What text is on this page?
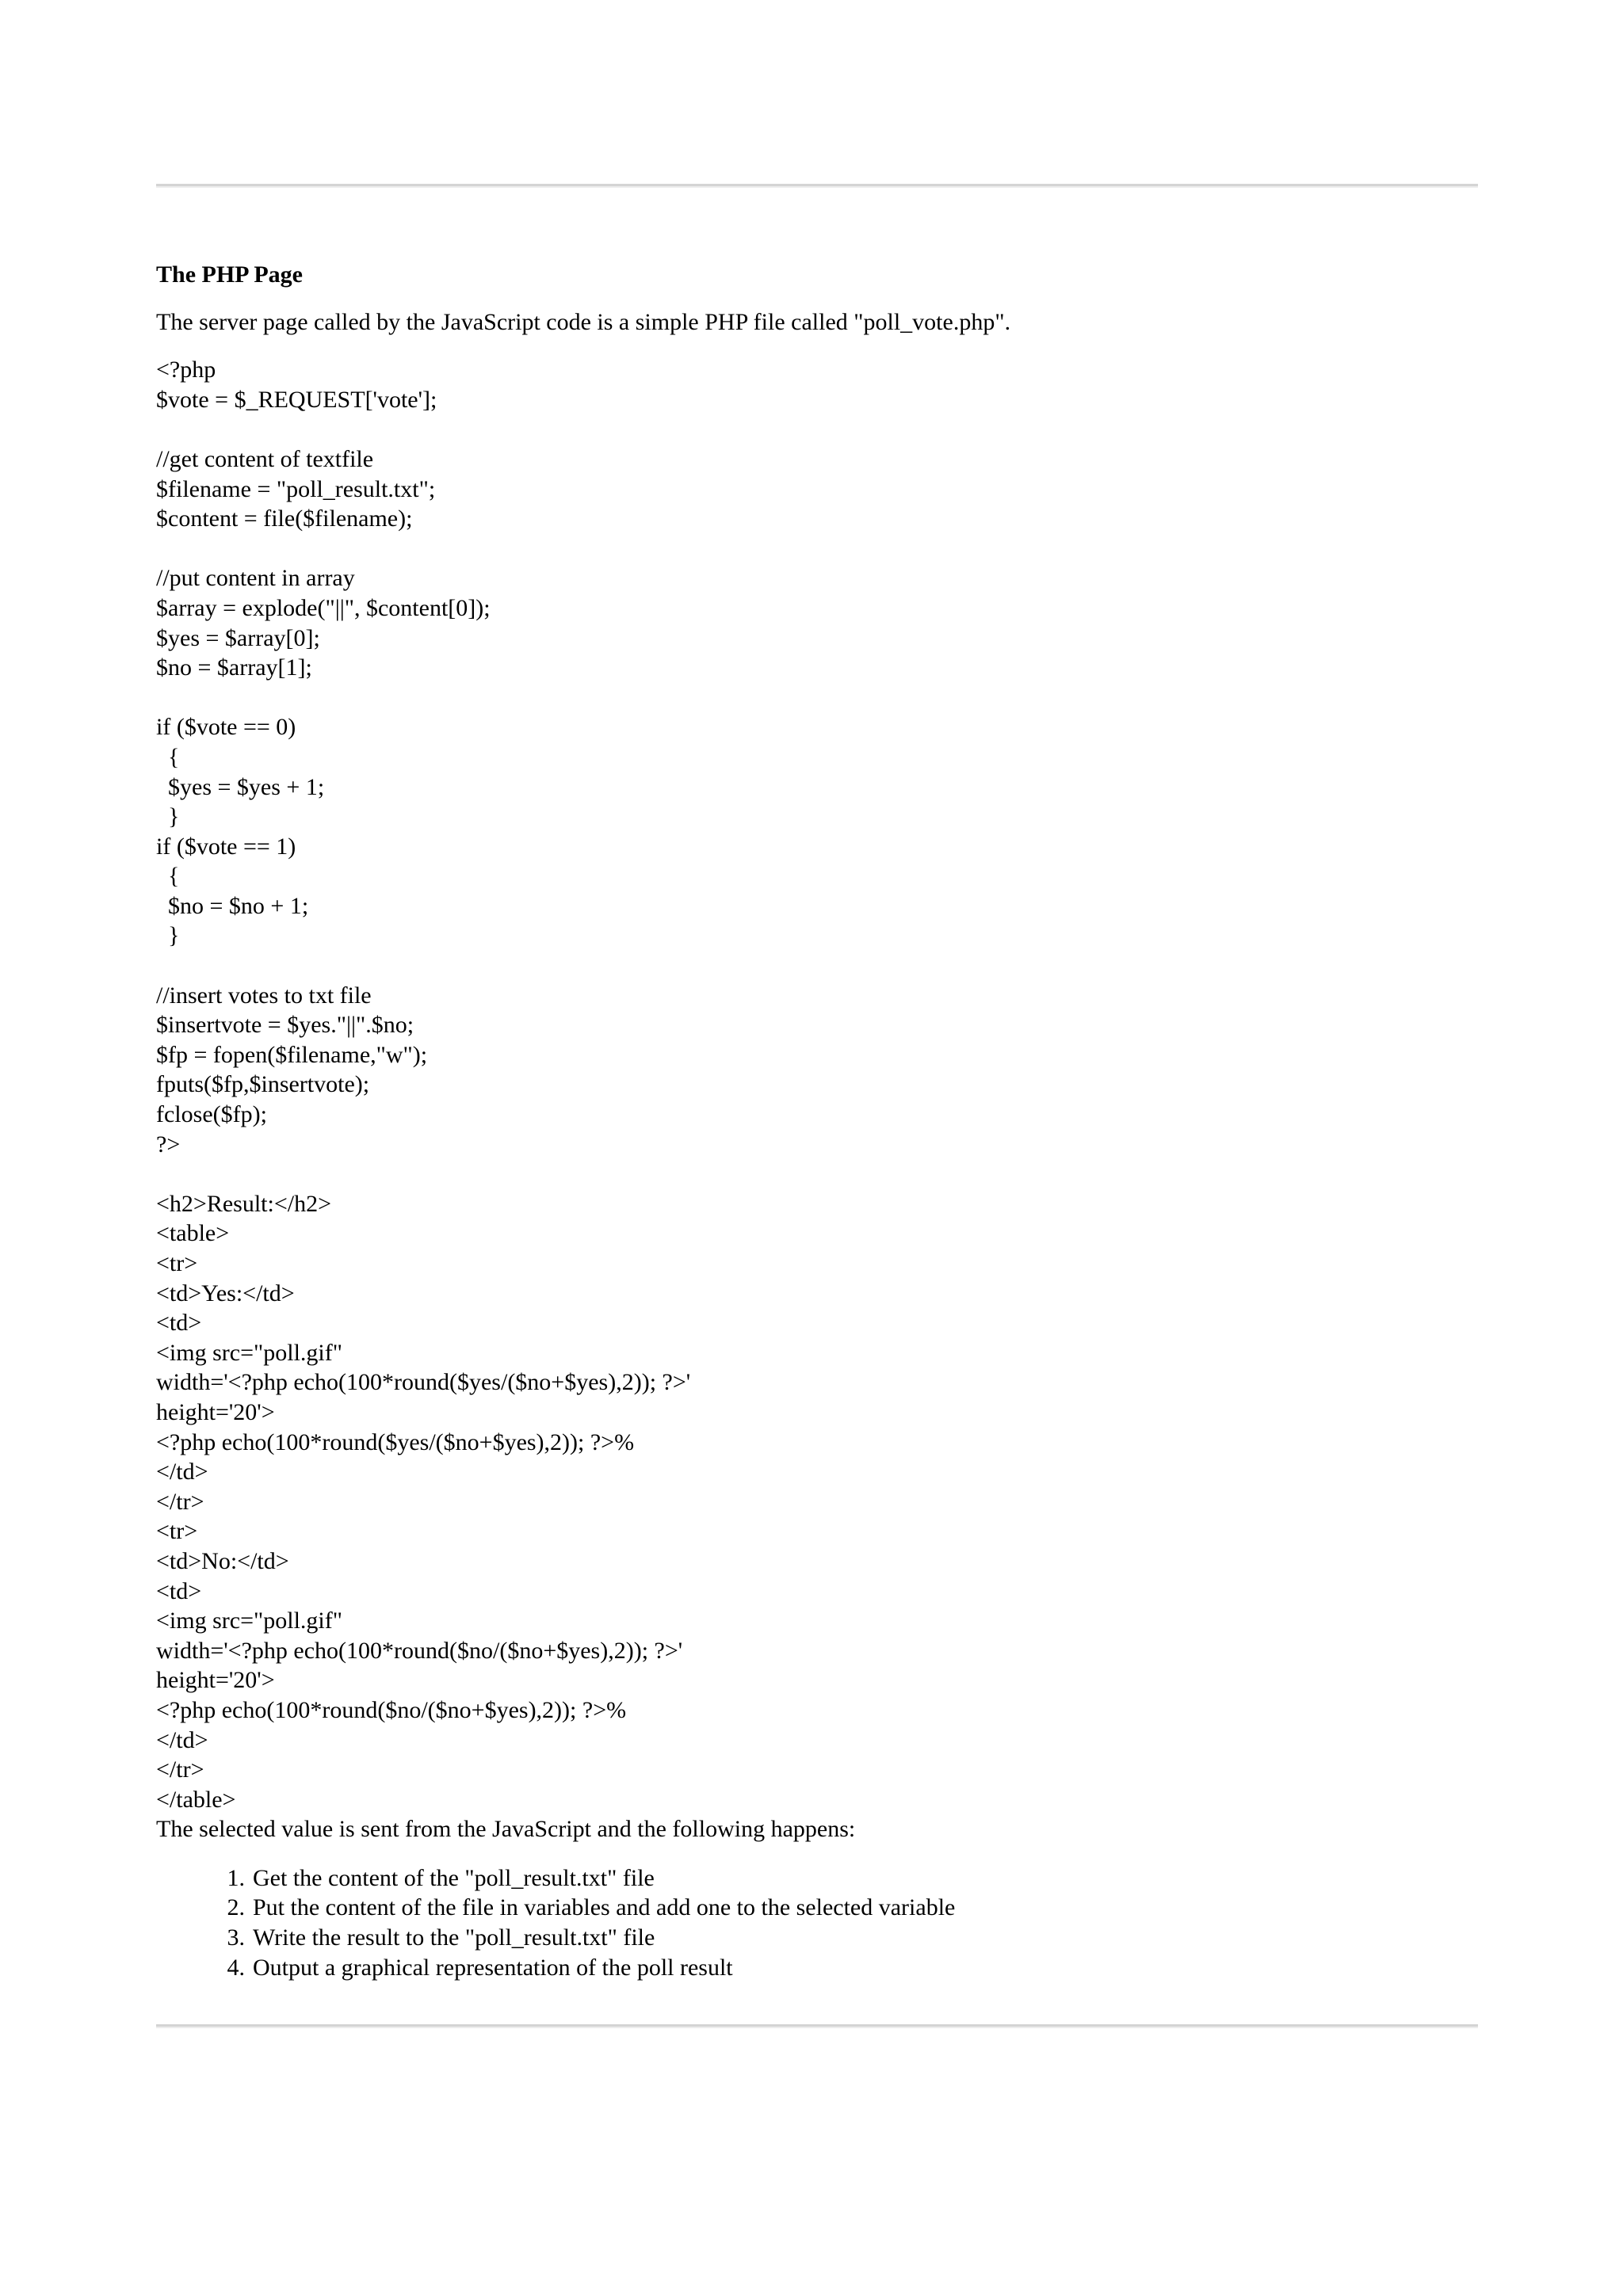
The PHP Page

The server page called by the JavaScript code is a simple PHP file called "poll_vote.php".

<?php
$vote = $_REQUEST['vote'];
//get content of textfile
$filename = "poll_result.txt";
$content = file($filename);
//put content in array
$array = explode("||", $content[0]);
$yes = $array[0];
$no = $array[1];
if ($vote == 0)
{
$yes = $yes + 1;
}
if ($vote == 1)
{
$no = $no + 1;
}
//insert votes to txt file
$insertvote = $yes."||".$no;
$fp = fopen($filename,"w");
fputs($fp,$insertvote);
fclose($fp);
?>
<h2>Result:</h2>
<table>
<tr>
<td>Yes:</td>
<td>
<img src="poll.gif"
width='<?php echo(100*round($yes/($no+$yes),2)); ?>'
height='20'>
<?php echo(100*round($yes/($no+$yes),2)); ?>%
</td>
</tr>
<tr>
<td>No:</td>
<td>
<img src="poll.gif"
width='<?php echo(100*round($no/($no+$yes),2)); ?>'
height='20'>
<?php echo(100*round($no/($no+$yes),2)); ?>%
</td>
</tr>
</table>

The selected value is sent from the JavaScript and the following happens:

1. Get the content of the "poll_result.txt" file
2. Put the content of the file in variables and add one to the selected variable
3. Write the result to the "poll_result.txt" file
4. Output a graphical representation of the poll result
